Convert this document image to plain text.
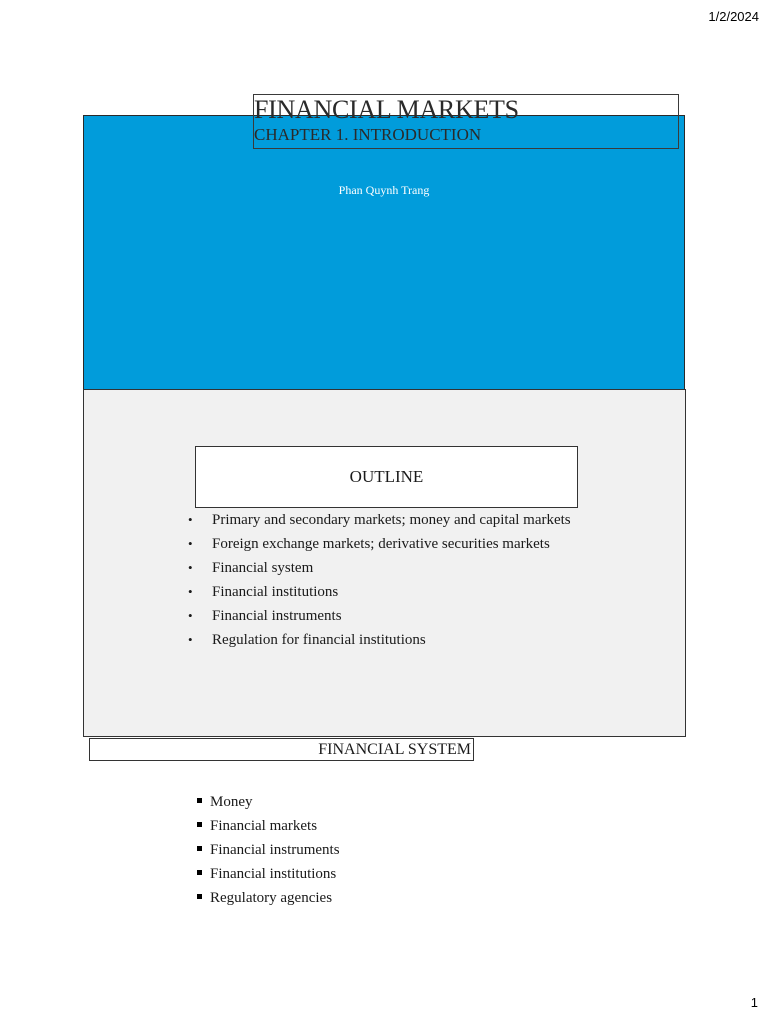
1/2/2024
Phan Quynh Trang
FINANCIAL MARKETS
CHAPTER 1. INTRODUCTION
OUTLINE
• Primary and secondary markets; money and capital markets
• Foreign exchange markets; derivative securities markets
• Financial system
• Financial institutions
• Financial instruments
• Regulation for financial institutions
FINANCIAL SYSTEM
Money
Financial markets
Financial instruments
Financial institutions
Regulatory agencies
1
